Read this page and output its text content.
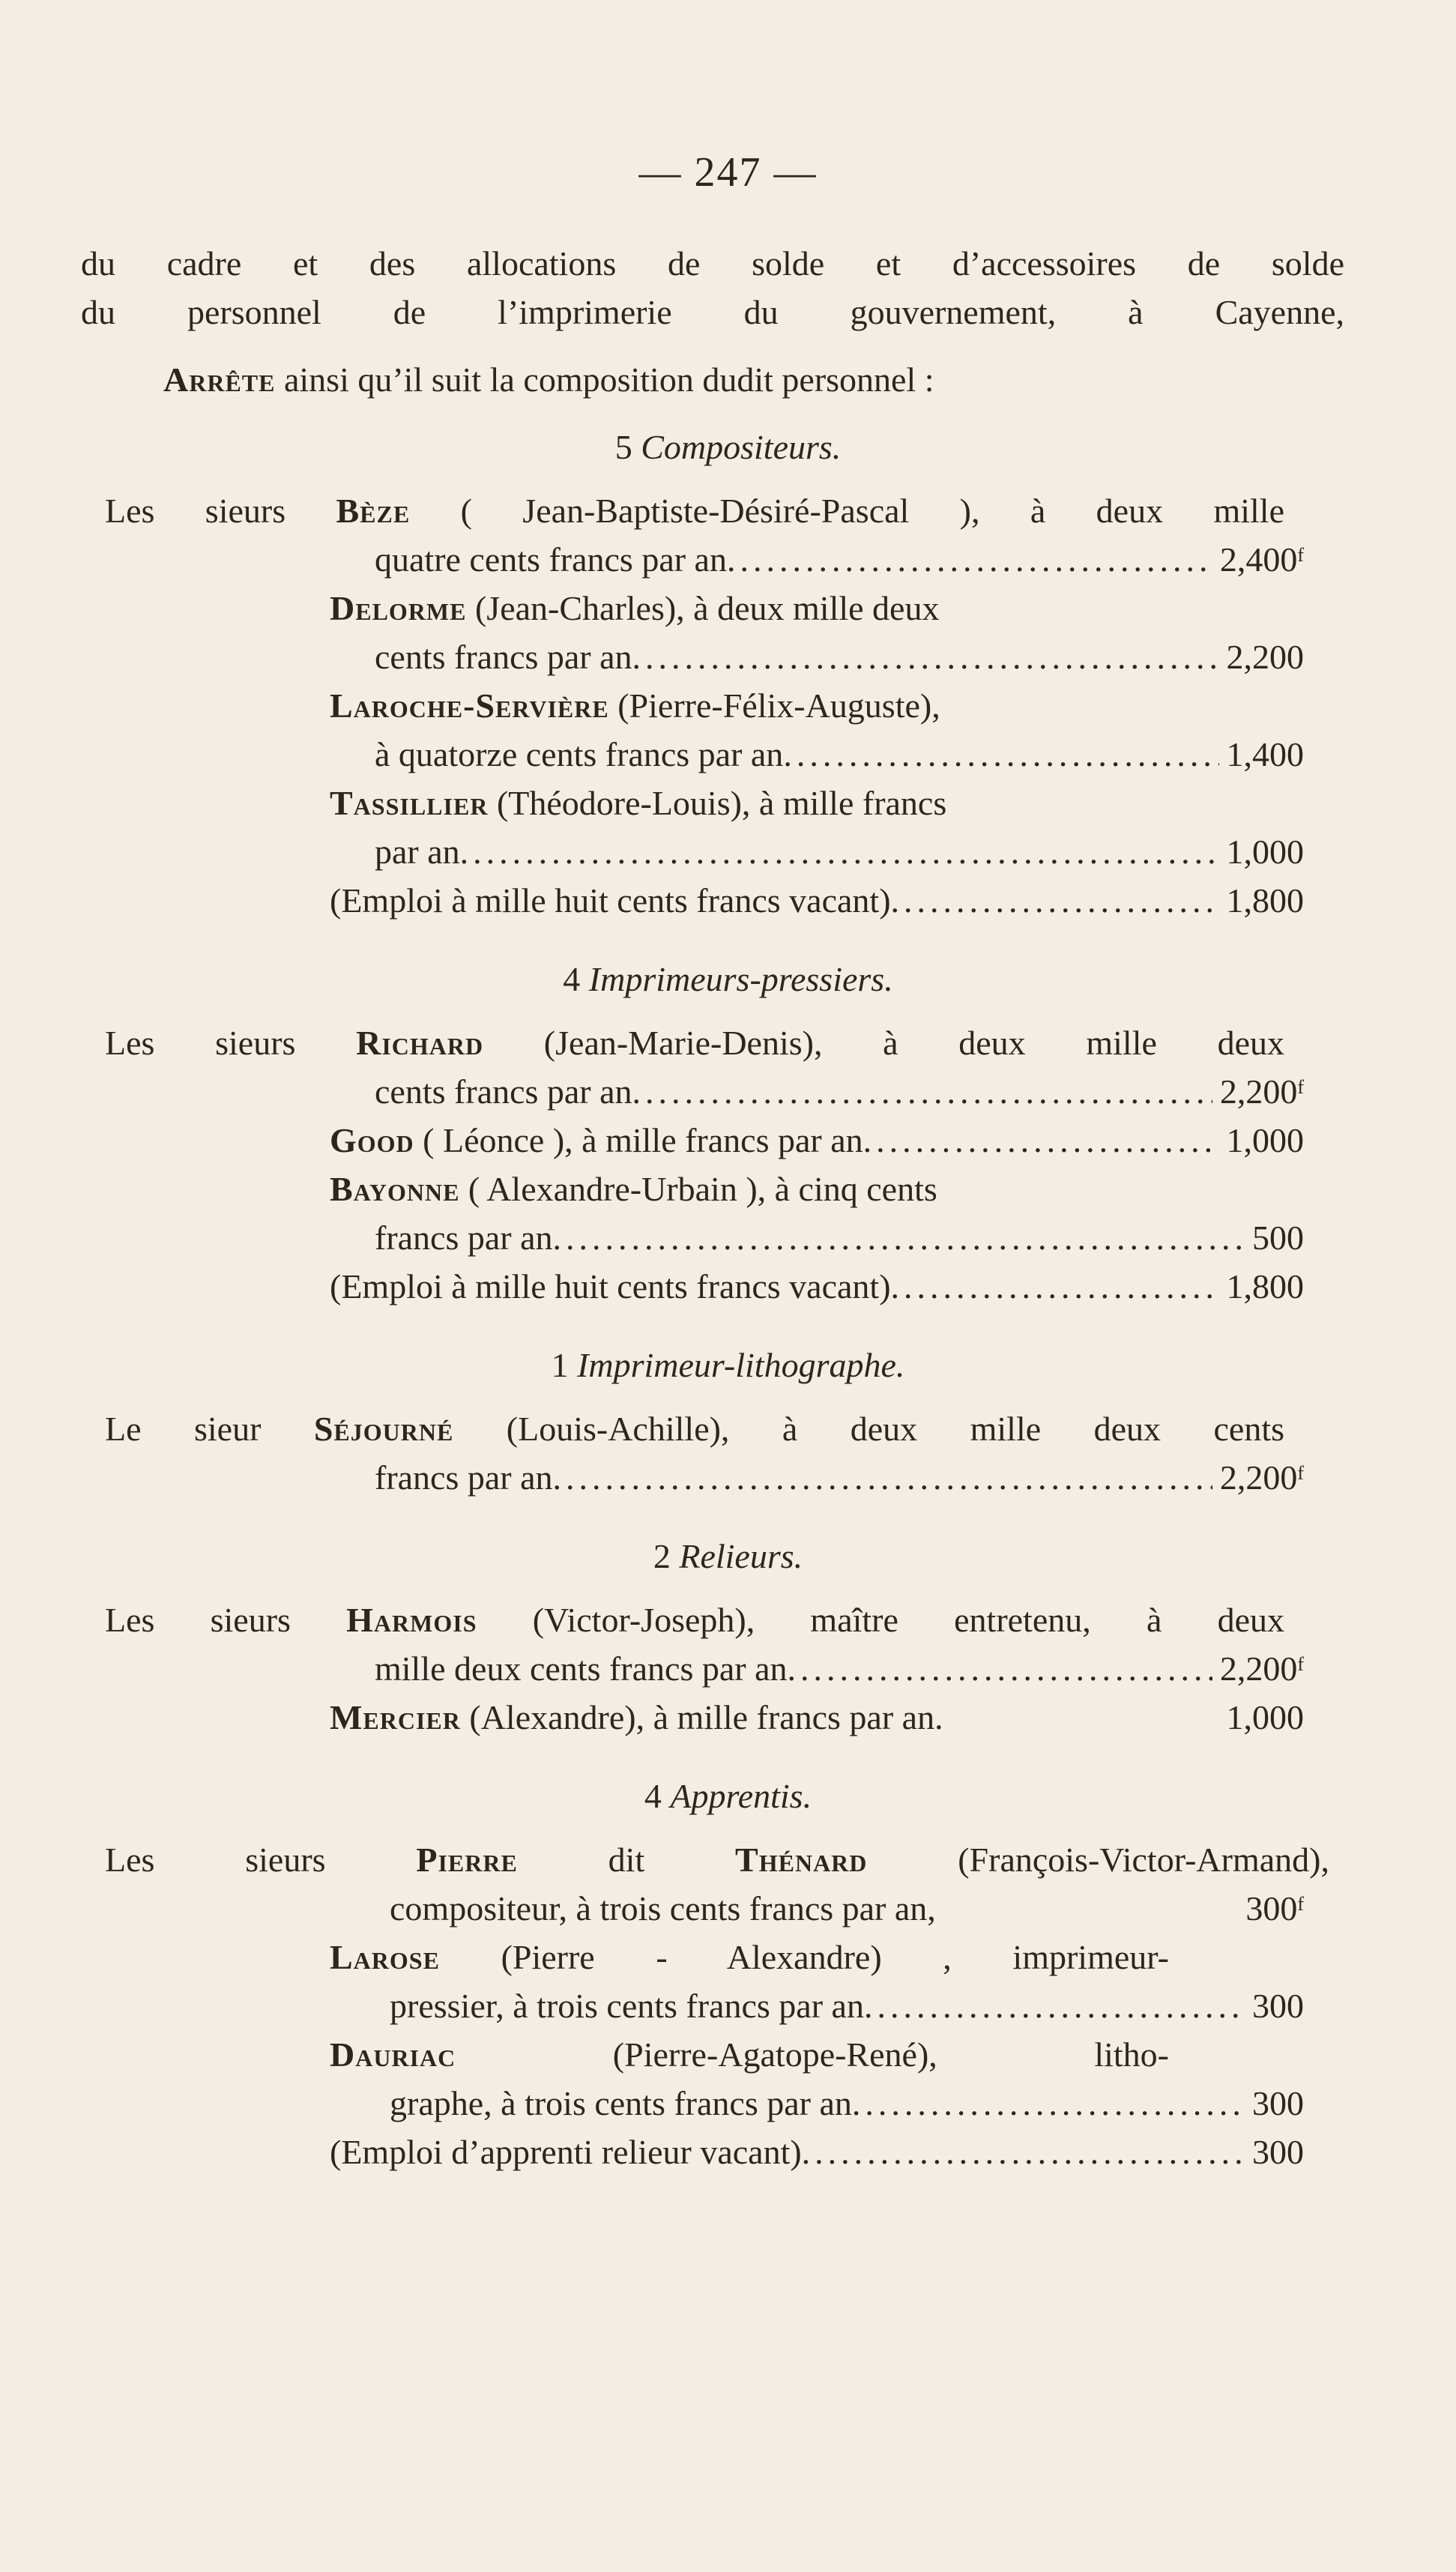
— 247 —
du cadre et des allocations de solde et d’accessoires de solde
du personnel de l’imprimerie du gouvernement, à Cayenne,
Arrête ainsi qu’il suit la composition dudit personnel :
5 Compositeurs.
Les sieurs Bèze ( Jean-Baptiste-Désiré-Pascal ), à deux mille
quatre cents francs par an .....	2,400$^f$
Delorme (Jean-Charles), à deux mille deux
cents francs par an .....	2,200
Laroche-Servière (Pierre-Félix-Auguste),
à quatorze cents francs par an .....	1,400
Tassillier (Théodore-Louis), à mille francs
par an .....	1,000
(Emploi à mille huit cents francs vacant) .....	1,800
4 Imprimeurs-pressiers.
Les sieurs Richard (Jean-Marie-Denis), à deux mille deux
cents francs par an .....	2,200$^f$
Good ( Léonce ), à mille francs par an .....	1,000
Bayonne ( Alexandre-Urbain ), à cinq cents
francs par an .....	500
(Emploi à mille huit cents francs vacant) .....	1,800
1 Imprimeur-lithographe.
Le sieur Séjourné (Louis-Achille), à deux mille deux cents
francs par an .....	2,200$^f$
2 Relieurs.
Les sieurs Harmois (Victor-Joseph), maître entretenu, à deux
mille deux cents francs par an .....	2,200$^f$
Mercier (Alexandre), à mille francs par an.	1,000
4 Apprentis.
Les sieurs Pierre dit Thénard (François-Victor-Armand),
compositeur, à trois cents francs par an,	300$^f$
Larose (Pierre - Alexandre) , imprimeur-
pressier, à trois cents francs par an .....	300
Dauriac (Pierre-Agatope-René), litho-
graphe, à trois cents francs par an .....	300
(Emploi d’apprenti relieur vacant) .....	300
